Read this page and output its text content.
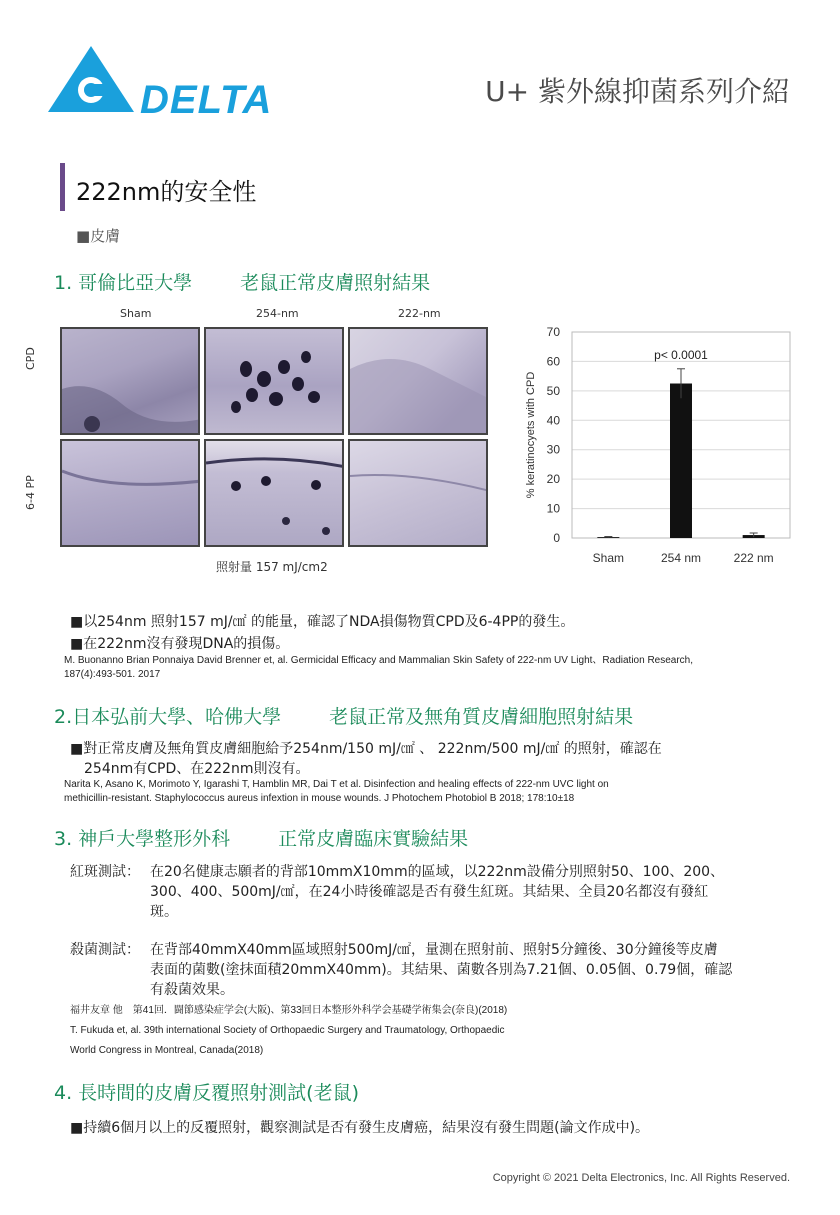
DELTA	U+ 紫外線抑菌系列介紹
222nm的安全性
■皮膚
1. 哥倫比亞大學	老鼠正常皮膚照射結果
Sham	254-nm	222-nm
CPD
6-4 PP
照射量 157 mJ/cm2
0
10
20
30
40
50
60
70
Sham	254 nm	222 nm
p< 0.0001
% keratinocyets with CPD
■以254nm 照射157 mJ/㎠ 的能量，確認了NDA損傷物質CPD及6-4PP的發生。
■在222nm沒有發現DNA的損傷。
M. Buonanno Brian Ponnaiya David Brenner et, al. Germicidal Efficacy and Mammalian Skin Safety of 222-nm UV Light、Radiation Research,
187(4):493-501. 2017
2.日本弘前大學、哈佛大學	老鼠正常及無角質皮膚細胞照射結果
■對正常皮膚及無角質皮膚細胞給予254nm/150 mJ/㎠ 、 222nm/500 mJ/㎠ 的照射，確認在
254nm有CPD、在222nm則沒有。
Narita K, Asano K, Morimoto Y, Igarashi T, Hamblin MR, Dai T et al. Disinfection and healing effects of 222-nm UVC light on
methicillin-resistant. Staphylococcus aureus infextion in mouse wounds. J Photochem Photobiol B 2018; 178:10±18
3. 神戶大學整形外科	正常皮膚臨床實驗結果
紅斑測試： 在20名健康志願者的背部10mmX10mm的區域，以222nm設備分別照射50、100、200、
300、400、500mJ/㎠，在24小時後確認是否有發生紅斑。其結果、全員20名都沒有發紅
斑。
殺菌測試： 在背部40mmX40mm區域照射500mJ/㎠，量測在照射前、照射5分鐘後、30分鐘後等皮膚
表面的菌數(塗抹面積20mmX40mm)。其結果、菌數各別為7.21個、0.05個、0.79個，確認
有殺菌效果。
福井友章 他　第41回．闘節感染症学会(大阪)、第33回日本整形外科学会基礎学術集会(奈良)(2018)
T. Fukuda et, al. 39th international Society of Orthopaedic Surgery and Traumatology, Orthopaedic
World Congress in Montreal, Canada(2018)
4. 長時間的皮膚反覆照射測試(老鼠)
■持續6個月以上的反覆照射，觀察測試是否有發生皮膚癌，結果沒有發生問題(論文作成中)。
Copyright © 2021 Delta Electronics, Inc. All Rights Reserved.
